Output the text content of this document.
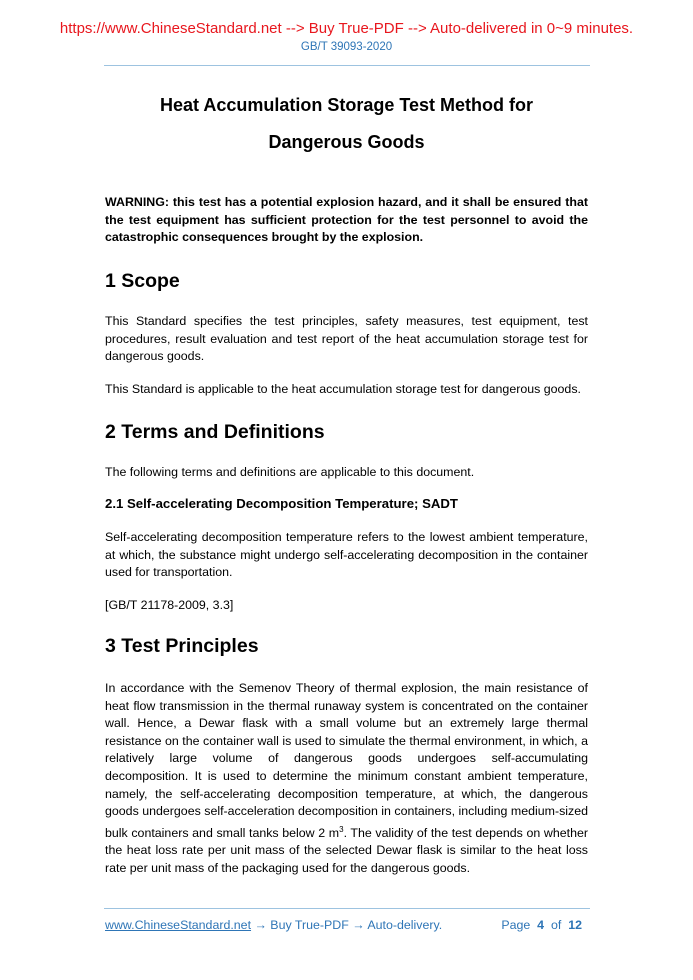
https://www.ChineseStandard.net --> Buy True-PDF --> Auto-delivered in 0~9 minutes.
GB/T 39093-2020
Heat Accumulation Storage Test Method for
Dangerous Goods

WARNING: this test has a potential explosion hazard, and it shall be ensured that the test equipment has sufficient protection for the test personnel to avoid the catastrophic consequences brought by the explosion.

1 Scope

This Standard specifies the test principles, safety measures, test equipment, test procedures, result evaluation and test report of the heat accumulation storage test for dangerous goods.

This Standard is applicable to the heat accumulation storage test for dangerous goods.

2 Terms and Definitions

The following terms and definitions are applicable to this document.

2.1 Self-accelerating Decomposition Temperature; SADT

Self-accelerating decomposition temperature refers to the lowest ambient temperature, at which, the substance might undergo self-accelerating decomposition in the container used for transportation.

[GB/T 21178-2009, 3.3]

3 Test Principles

In accordance with the Semenov Theory of thermal explosion, the main resistance of heat flow transmission in the thermal runaway system is concentrated on the container wall. Hence, a Dewar flask with a small volume but an extremely large thermal resistance on the container wall is used to simulate the thermal environment, in which, a relatively large volume of dangerous goods undergoes self-accumulating decomposition. It is used to determine the minimum constant ambient temperature, namely, the self-accelerating decomposition temperature, at which, the dangerous goods undergoes self-acceleration decomposition in containers, including medium-sized bulk containers and small tanks below 2 $m^3$. The validity of the test depends on whether the heat loss rate per unit mass of the selected Dewar flask is similar to the heat loss rate per unit mass of the packaging used for the dangerous goods.

www.ChineseStandard.net → Buy True-PDF → Auto-delivery.	Page 4 of 12
